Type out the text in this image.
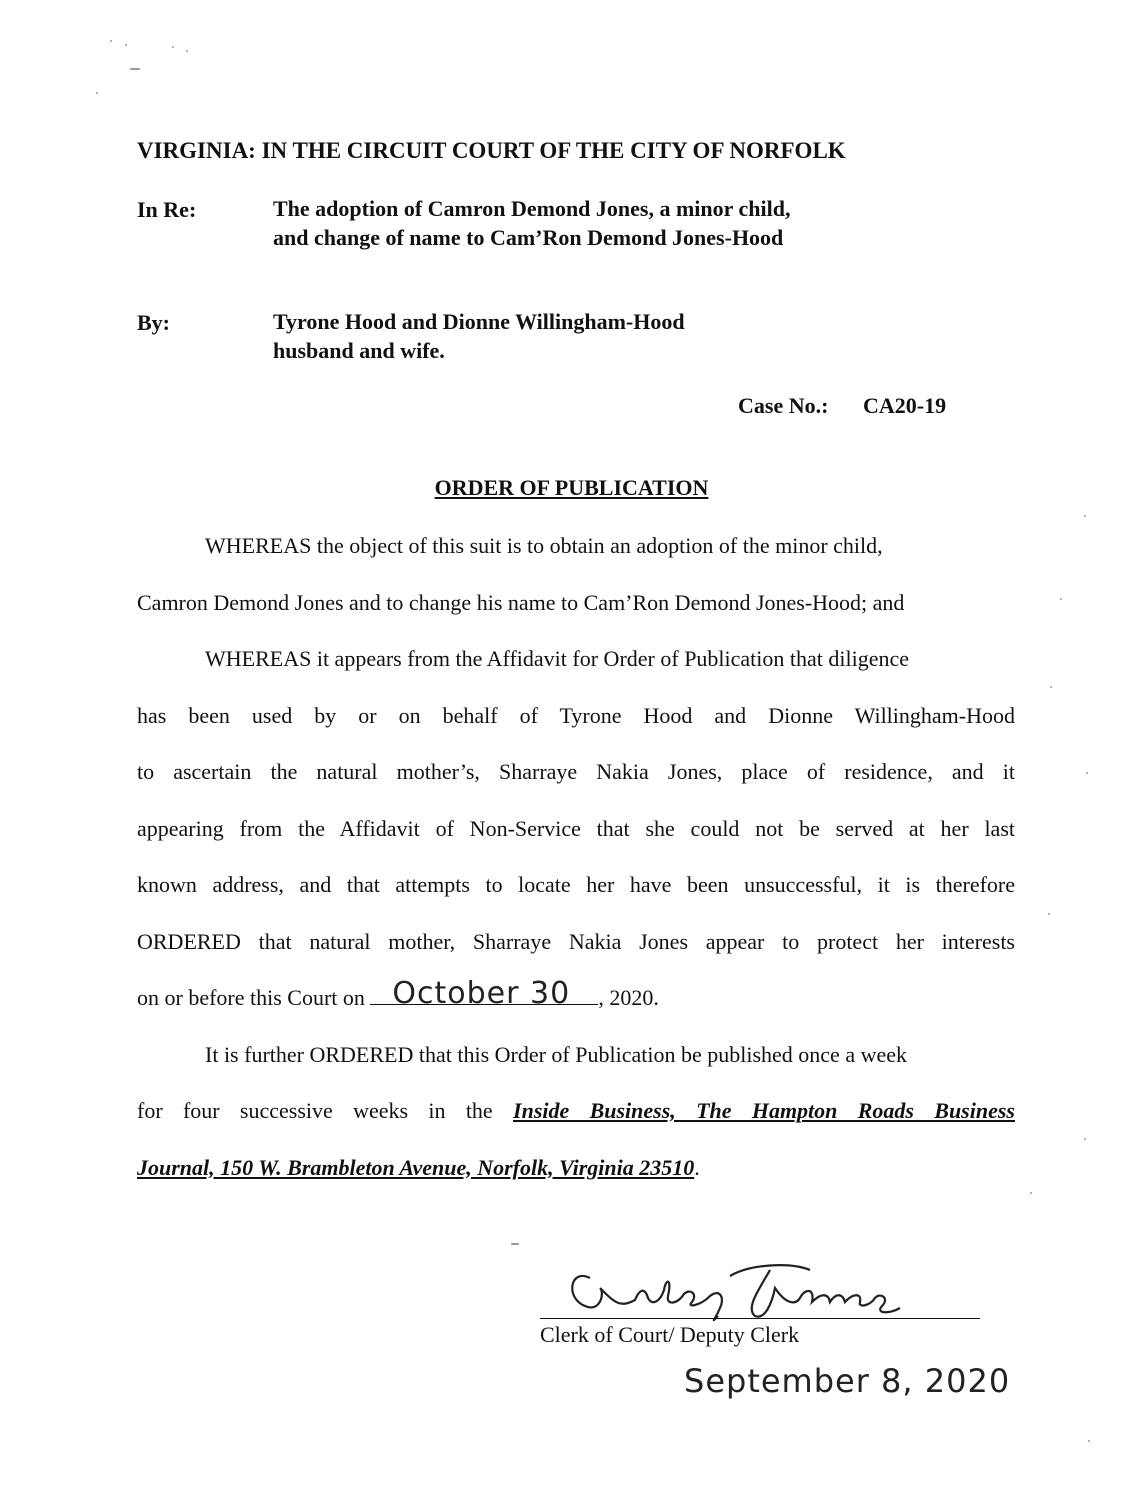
VIRGINIA: IN THE CIRCUIT COURT OF THE CITY OF NORFOLK
In Re:	The adoption of Camron Demond Jones, a minor child,
and change of name to Cam’Ron Demond Jones-Hood
By:	Tyrone Hood and Dionne Willingham-Hood
husband and wife.
Case No.: CA20-19
ORDER OF PUBLICATION
WHEREAS the object of this suit is to obtain an adoption of the minor child,
Camron Demond Jones and to change his name to Cam’Ron Demond Jones-Hood; and
WHEREAS it appears from the Affidavit for Order of Publication that diligence
has been used by or on behalf of Tyrone Hood and Dionne Willingham-Hood
to ascertain the natural mother’s, Sharraye Nakia Jones, place of residence, and it
appearing from the Affidavit of Non-Service that she could not be served at her last
known address, and that attempts to locate her have been unsuccessful, it is therefore
ORDERED that natural mother, Sharraye Nakia Jones appear to protect her interests
on or before this Court on October 30 , 2020.
It is further ORDERED that this Order of Publication be published once a week
for four successive weeks in the Inside Business, The Hampton Roads Business
Journal, 150 W. Brambleton Avenue, Norfolk, Virginia 23510.
Clerk of Court/ Deputy Clerk
September 8, 2020
